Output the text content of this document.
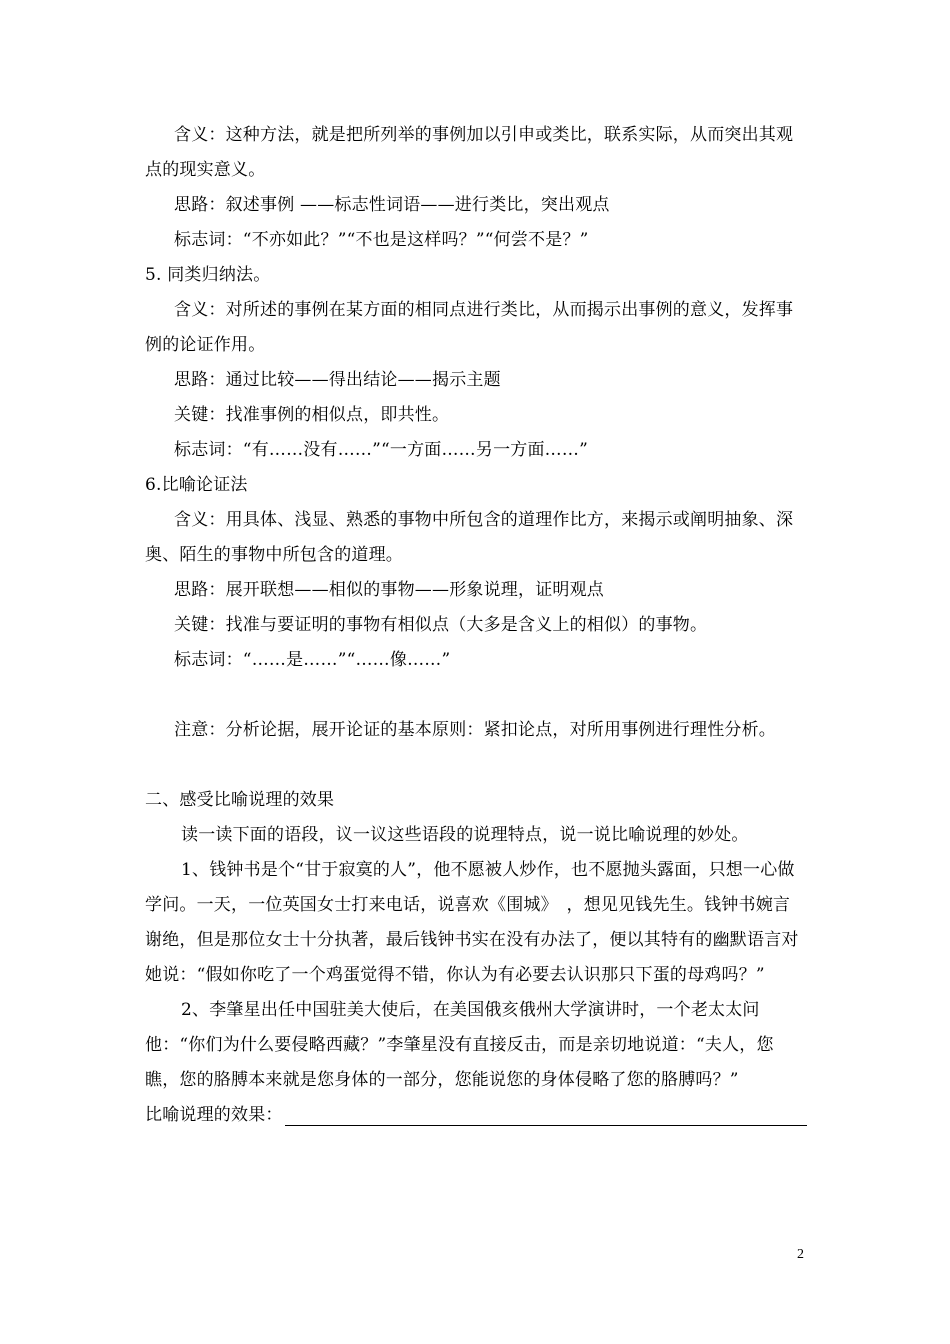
含义：这种方法，就是把所列举的事例加以引申或类比，联系实际，从而突出其观点的现实意义。

思路：叙述事例 ——标志性词语——进行类比，突出观点

标志词：“不亦如此？”“不也是这样吗？”“何尝不是？”

5. 同类归纳法。

含义：对所述的事例在某方面的相同点进行类比，从而揭示出事例的意义，发挥事例的论证作用。

思路：通过比较——得出结论——揭示主题

关键：找准事例的相似点，即共性。

标志词：“有……没有……”“一方面……另一方面……”

6.比喻论证法

含义：用具体、浅显、熟悉的事物中所包含的道理作比方，来揭示或阐明抽象、深奥、陌生的事物中所包含的道理。

思路：展开联想——相似的事物——形象说理，证明观点

关键：找准与要证明的事物有相似点（大多是含义上的相似）的事物。

标志词：“……是……”“……像……”

注意：分析论据，展开论证的基本原则：紧扣论点，对所用事例进行理性分析。

二、感受比喻说理的效果

读一读下面的语段，议一议这些语段的说理特点，说一说比喻说理的妙处。

1、钱钟书是个“甘于寂寞的人”，他不愿被人炒作，也不愿抛头露面，只想一心做学问。一天，一位英国女士打来电话，说喜欢《围城》　，想见见钱先生。钱钟书婉言谢绝，但是那位女士十分执著，最后钱钟书实在没有办法了，便以其特有的幽默语言对她说：“假如你吃了一个鸡蛋觉得不错，你认为有必要去认识那只下蛋的母鸡吗？”

2、李肇星出任中国驻美大使后，在美国俄亥俄州大学演讲时，一个老太太问他：“你们为什么要侵略西藏？”李肇星没有直接反击，而是亲切地说道：“夫人，您瞧，您的胳膊本来就是您身体的一部分，您能说您的身体侵略了您的胳膊吗？”

比喻说理的效果：

2
